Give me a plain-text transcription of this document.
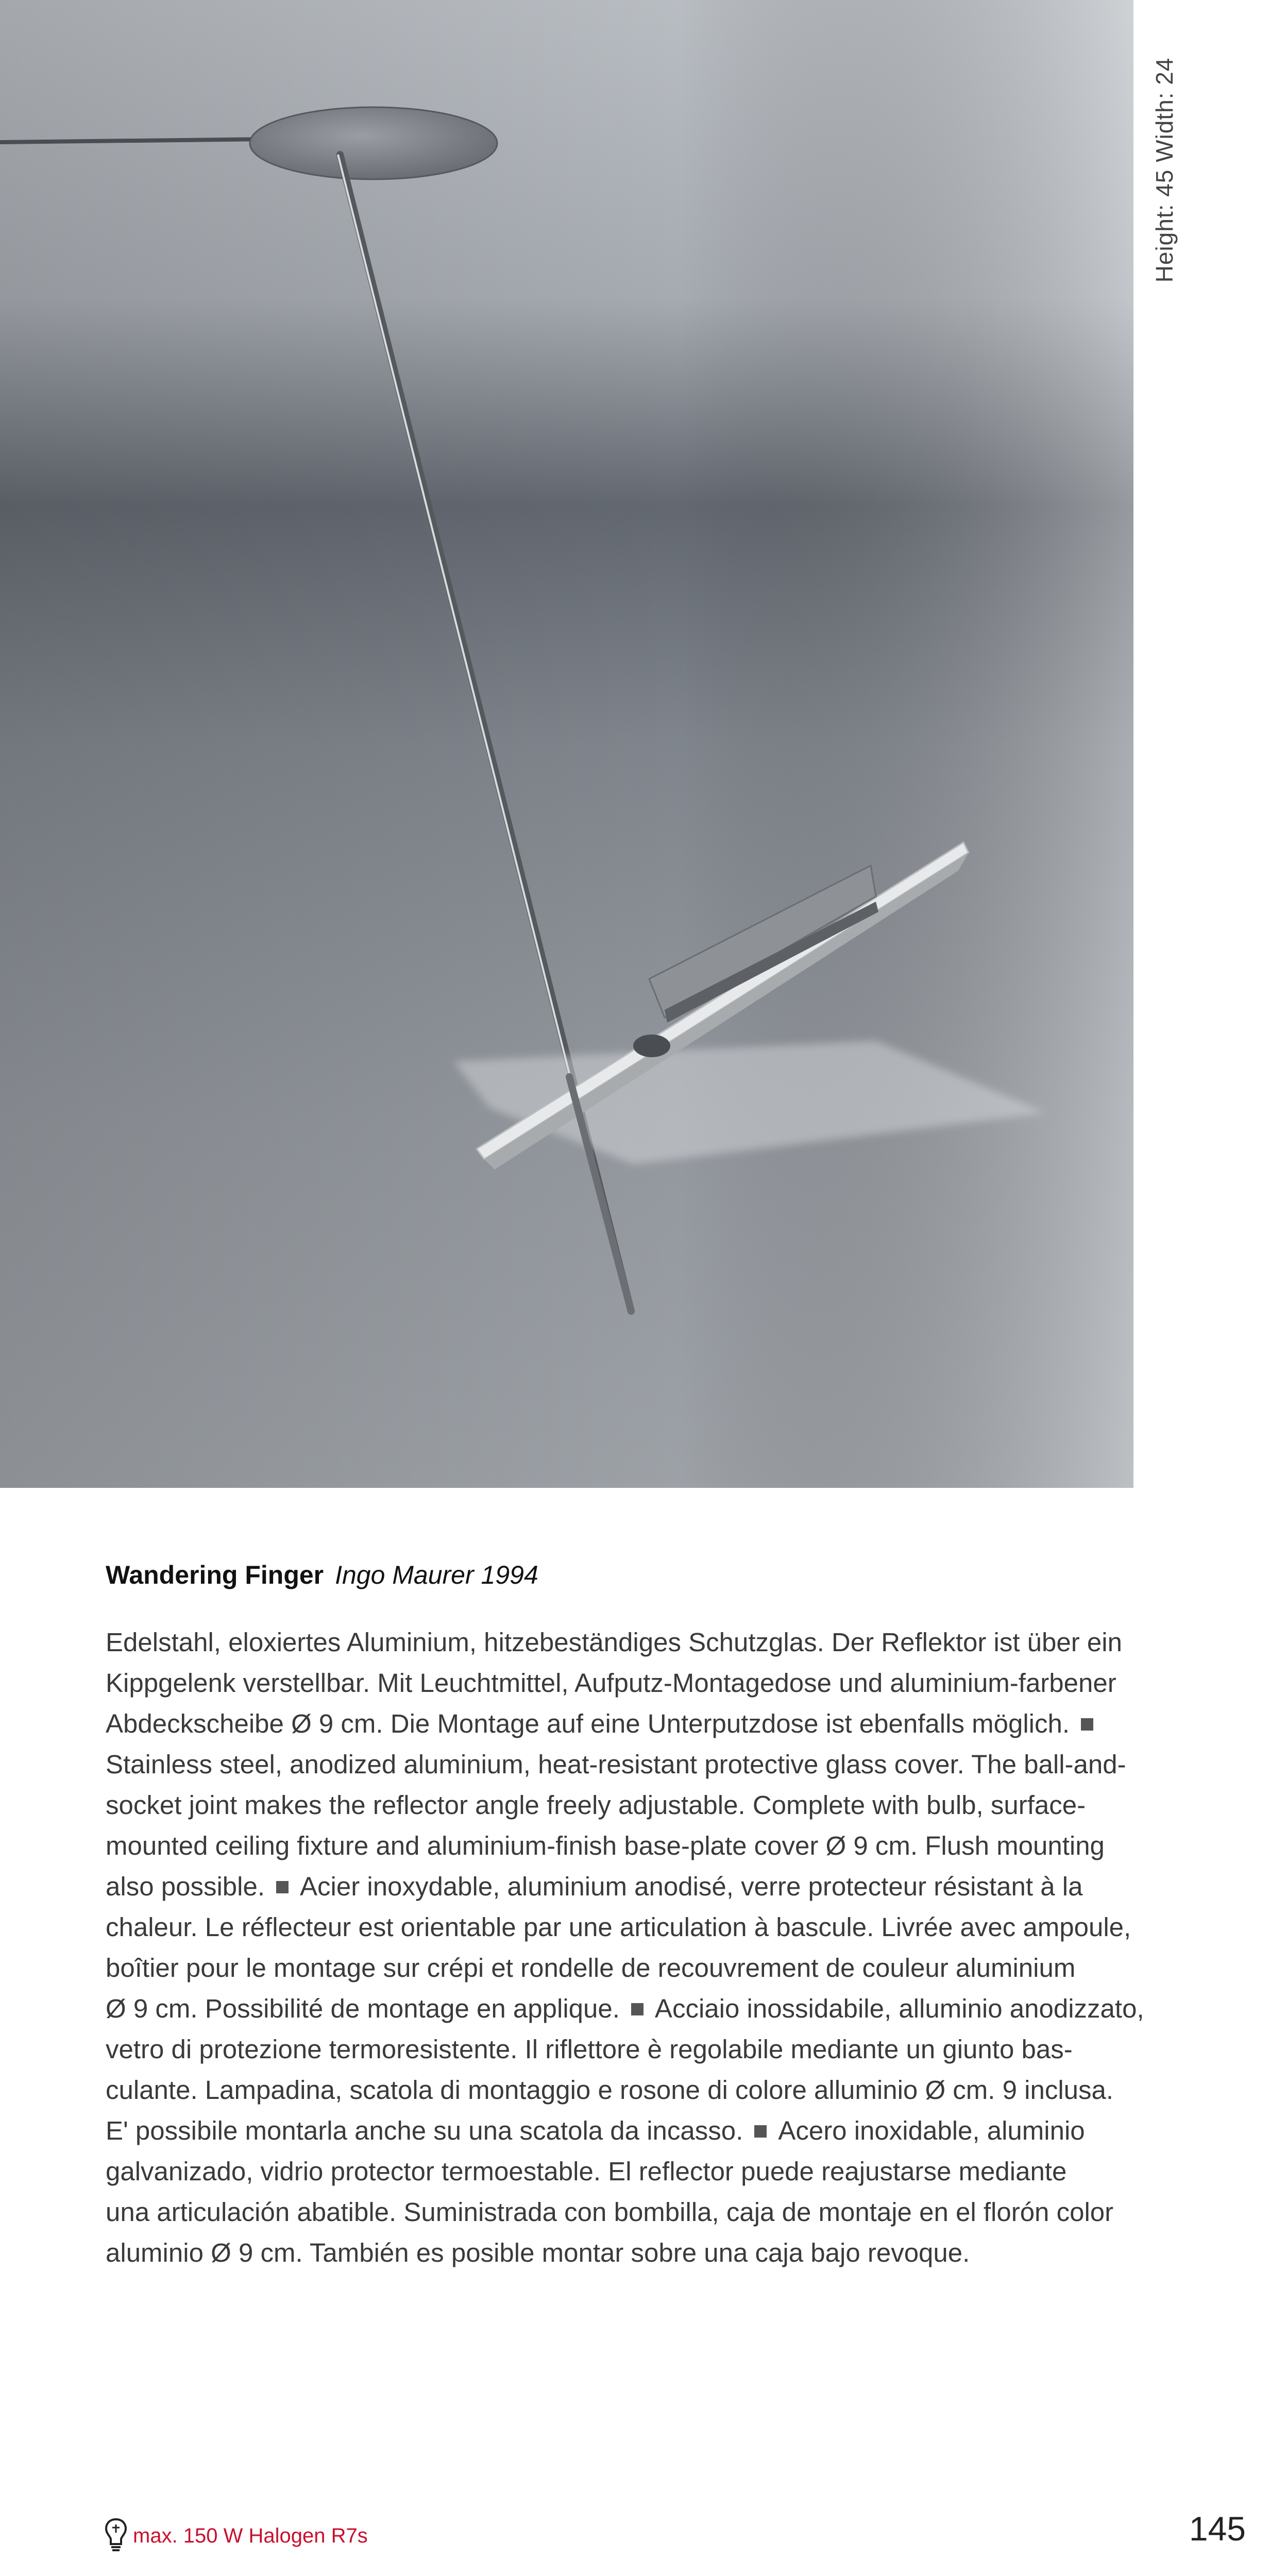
Height: 45 Width: 24
Wandering Finger Ingo Maurer 1994
Edelstahl, eloxiertes Aluminium, hitzebeständiges Schutzglas. Der Reflektor ist über ein
Kippgelenk verstellbar. Mit Leuchtmittel, Aufputz-Montagedose und aluminium-farbener
Abdeckscheibe Ø 9 cm. Die Montage auf eine Unterputzdose ist ebenfalls möglich.
Stainless steel, anodized aluminium, heat-resistant protective glass cover. The ball-and-
socket joint makes the reflector angle freely adjustable. Complete with bulb, surface-
mounted ceiling fixture and aluminium-finish base-plate cover Ø 9 cm. Flush mounting
also possible. Acier inoxydable, aluminium anodisé, verre protecteur résistant à la
chaleur. Le réflecteur est orientable par une articulation à bascule. Livrée avec ampoule,
boîtier pour le montage sur crépi et rondelle de recouvrement de couleur aluminium
Ø 9 cm. Possibilité de montage en applique. Acciaio inossidabile, alluminio anodizzato,
vetro di protezione termoresistente. Il riflettore è regolabile mediante un giunto bas-
culante. Lampadina, scatola di montaggio e rosone di colore alluminio Ø cm. 9 inclusa.
E' possibile montarla anche su una scatola da incasso. Acero inoxidable, aluminio
galvanizado, vidrio protector termoestable. El reflector puede reajustarse mediante
una articulación abatible. Suministrada con bombilla, caja de montaje en el florón color
aluminio Ø 9 cm. También es posible montar sobre una caja bajo revoque.
max. 150 W Halogen R7s	145
